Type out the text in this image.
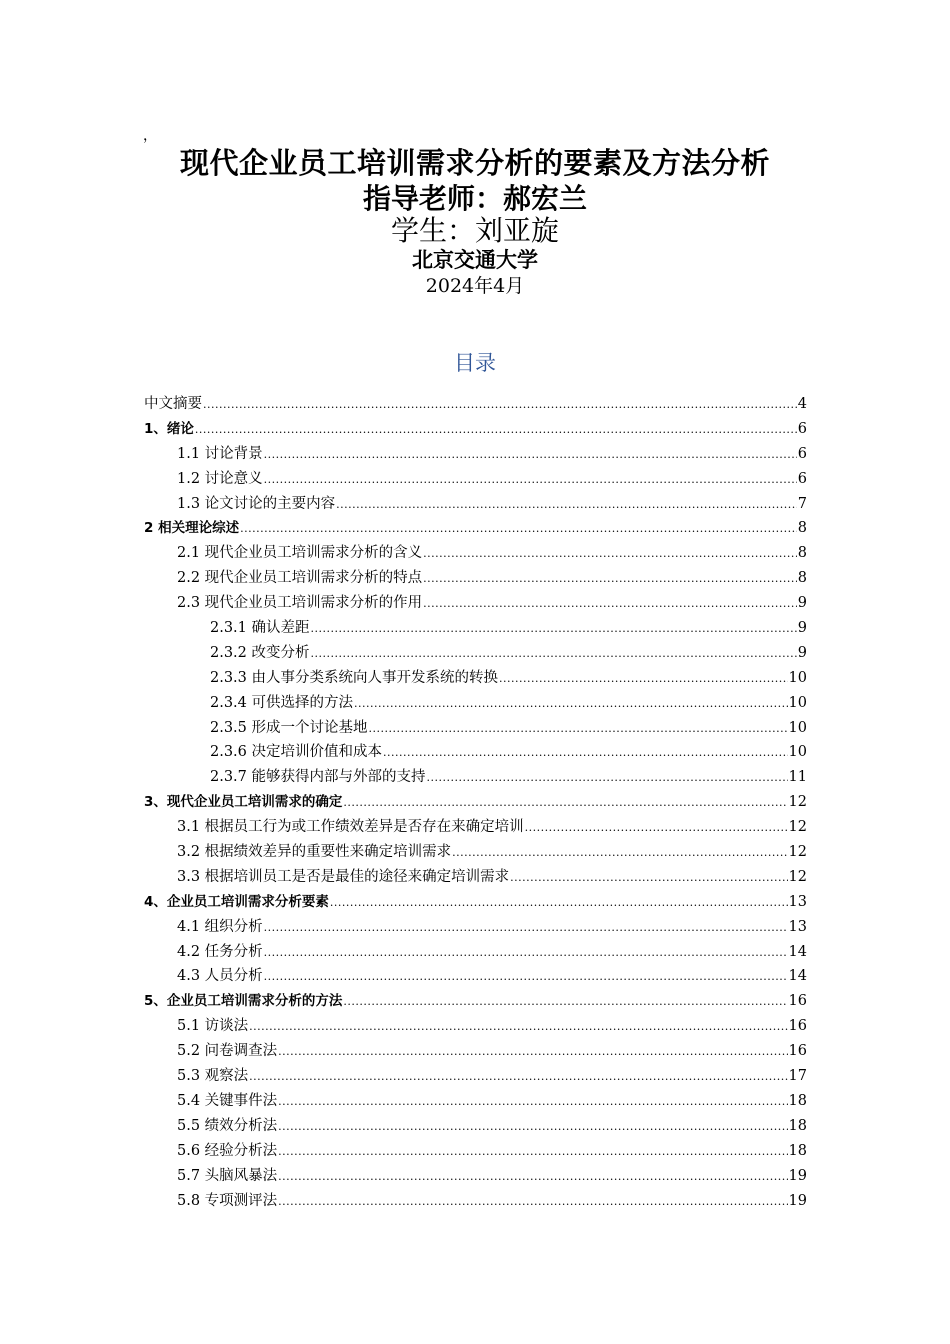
，
现代企业员工培训需求分析的要素及方法分析
指导老师：郝宏兰
学生：刘亚旋
北京交通大学
2024年4月
目录
中文摘要 .....	4
1、绪论 .....	6
1.1 讨论背景 .....	6
1.2 讨论意义 .....	6
1.3 论文讨论的主要内容 .....	7
2 相关理论综述 .....	8
2.1 现代企业员工培训需求分析的含义 .....	8
2.2 现代企业员工培训需求分析的特点 .....	8
2.3 现代企业员工培训需求分析的作用 .....	9
2.3.1 确认差距 .....	9
2.3.2 改变分析 .....	9
2.3.3 由人事分类系统向人事开发系统的转换 .....	10
2.3.4 可供选择的方法 .....	10
2.3.5 形成一个讨论基地 .....	10
2.3.6 决定培训价值和成本 .....	10
2.3.7 能够获得内部与外部的支持 .....	11
3、现代企业员工培训需求的确定 .....	12
3.1 根据员工行为或工作绩效差异是否存在来确定培训 .....	12
3.2 根据绩效差异的重要性来确定培训需求 .....	12
3.3 根据培训员工是否是最佳的途径来确定培训需求 .....	12
4、企业员工培训需求分析要素 .....	13
4.1 组织分析 .....	13
4.2 任务分析 .....	14
4.3 人员分析 .....	14
5、企业员工培训需求分析的方法 .....	16
5.1 访谈法 .....	16
5.2 问卷调查法 .....	16
5.3 观察法 .....	17
5.4 关键事件法 .....	18
5.5 绩效分析法 .....	18
5.6 经验分析法 .....	18
5.7 头脑风暴法 .....	19
5.8 专项测评法 .....	19
